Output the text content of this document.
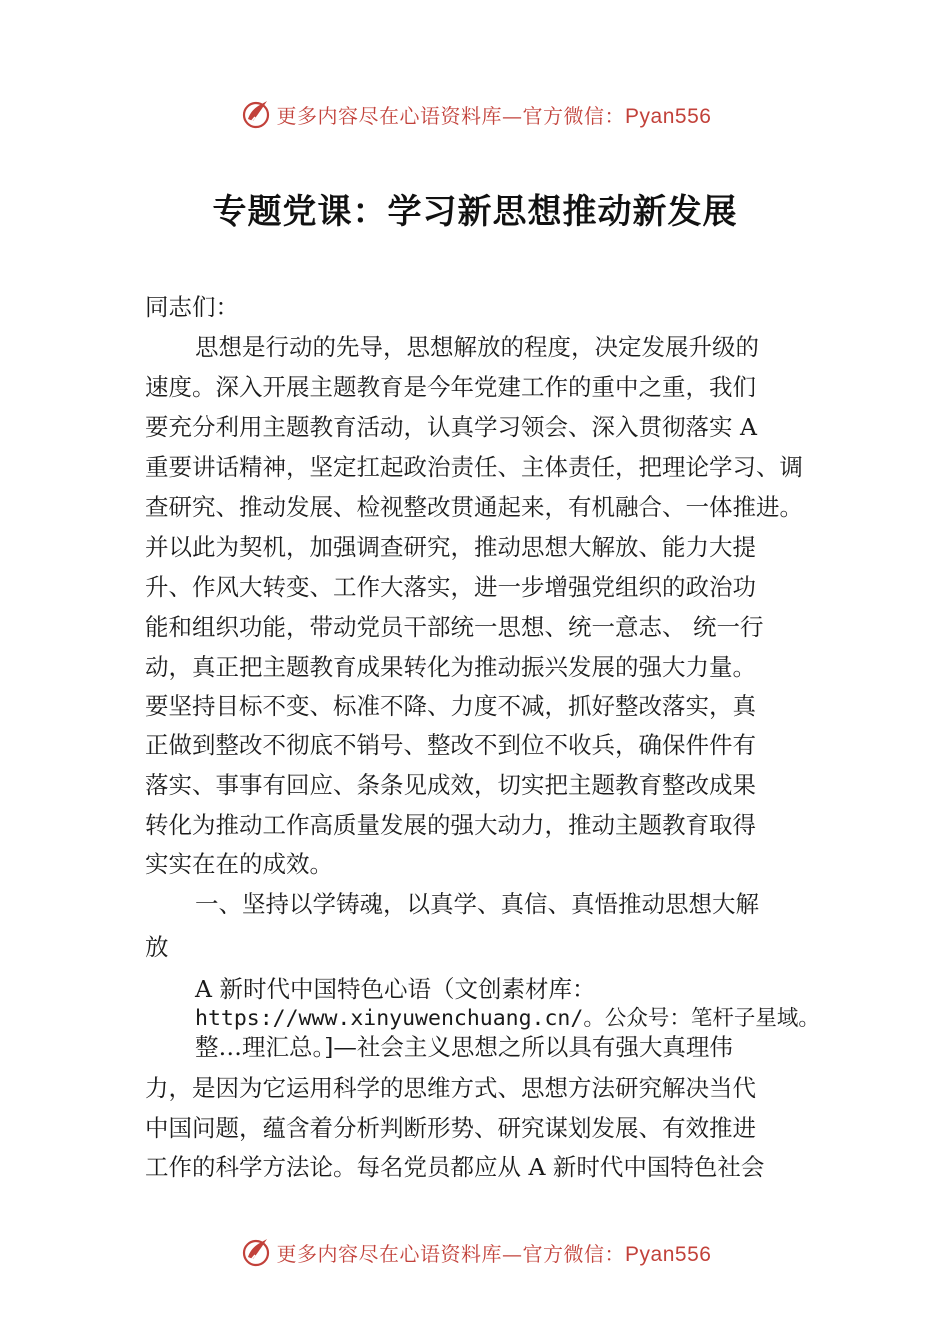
更多内容尽在心语资料库—官方微信：Pyan556
专题党课：学习新思想推动新发展
同志们：
思想是行动的先导，思想解放的程度，决定发展升级的
速度。深入开展主题教育是今年党建工作的重中之重，我们
要充分利用主题教育活动，认真学习领会、深入贯彻落实 A
重要讲话精神，坚定扛起政治责任、主体责任，把理论学习、调
查研究、推动发展、检视整改贯通起来，有机融合、一体推进。
并以此为契机，加强调查研究，推动思想大解放、能力大提
升、作风大转变、工作大落实，进一步增强党组织的政治功
能和组织功能，带动党员干部统一思想、统一意志、 统一行
动，真正把主题教育成果转化为推动振兴发展的强大力量。
要坚持目标不变、标准不降、力度不减，抓好整改落实，真
正做到整改不彻底不销号、整改不到位不收兵，确保件件有
落实、事事有回应、条条见成效，切实把主题教育整改成果
转化为推动工作高质量发展的强大动力，推动主题教育取得
实实在在的成效。
一、坚持以学铸魂，以真学、真信、真悟推动思想大解
放
A 新时代中国特色心语（文创素材库：
https://www.xinyuwenchuang.cn/。公众号：笔杆子星域。
整…理汇总。]—社会主义思想之所以具有强大真理伟
力，是因为它运用科学的思维方式、思想方法研究解决当代
中国问题，蕴含着分析判断形势、研究谋划发展、有效推进
工作的科学方法论。每名党员都应从 A 新时代中国特色社会
更多内容尽在心语资料库—官方微信：Pyan556
